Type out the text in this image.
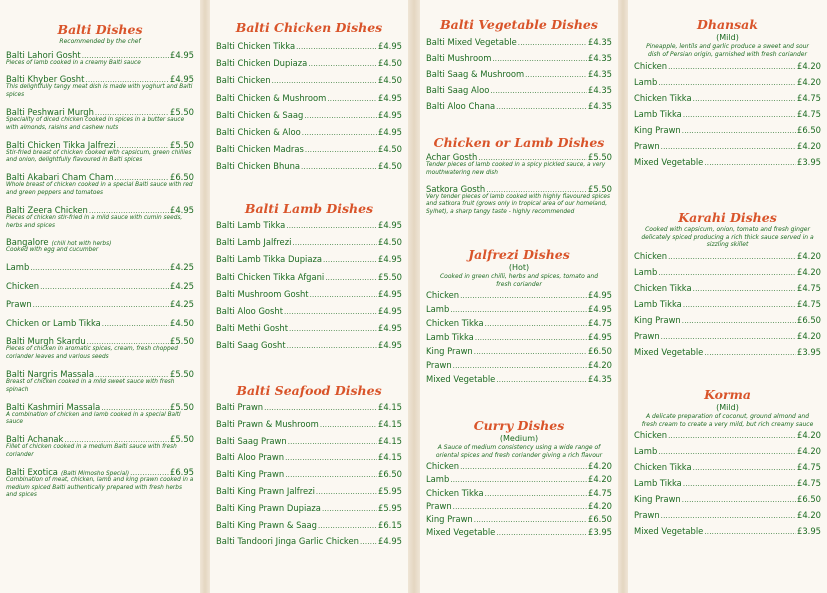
Balti Dishes

Recommended by the chef

Balti Lahori Gosht . . .	£4.95

Pieces of lamb cooked in a creamy Balti sauce

Balti Khyber Gosht . . .	£4.95

This delightfully tangy meat dish is made with yoghurt and Balti spices

Balti Peshwari Murgh . . .	£5.50

Speciality of diced chicken cooked in spices in a butter sauce with almonds, raisins and cashew nuts

Balti Chicken Tikka Jalfrezi . . .	£5.50

Stir-fried breast of chicken cooked with capsicum, green chillies and onion, delightfully flavoured in Balti spices

Balti Akabari Cham Cham . . .	£6.50

Whole breast of chicken cooked in a special Balti sauce with red and green peppers and tomatoes

Balti Zeera Chicken . . .	£4.95

Pieces of chicken stir-fried in a mild sauce with cumin seeds, herbs and spices

Bangalore (chili hot with herbs)

Cooked with egg and cucumber

Lamb . . .	£4.25
Chicken . . .	£4.25
Prawn . . .	£4.25
Chicken or Lamb Tikka . . .	£4.50
Balti Murgh Skardu . . .	£5.50

Pieces of chicken in aromatic spices, cream, fresh chopped coriander leaves and various seeds

Balti Nargris Massala . . .	£5.50

Breast of chicken cooked in a mild sweet sauce with fresh spinach

Balti Kashmiri Massala . . .	£5.50

A combination of chicken and lamb cooked in a special Balti sauce

Balti Achanak . . .	£5.50

Fillet of chicken cooked in a medium Balti sauce with fresh coriander

Balti Exotica (Balti Mimosho Special) . . .	£6.95

Combination of meat, chicken, lamb and king prawn cooked in a medium spiced Balti authentically prepared with fresh herbs and spices

Balti Chicken Dishes
Balti Chicken Tikka . . .	£4.95
Balti Chicken Dupiaza . . .	£4.50
Balti Chicken . . .	£4.50
Balti Chicken & Mushroom . . .	£4.95
Balti Chicken & Saag . . .	£4.95
Balti Chicken & Aloo . . .	£4.95
Balti Chicken Madras . . .	£4.50
Balti Chicken Bhuna . . .	£4.50
Balti Lamb Dishes
Balti Lamb Tikka . . .	£4.95
Balti Lamb Jalfrezi . . .	£4.50
Balti Lamb Tikka Dupiaza . . .	£4.95
Balti Chicken Tikka Afgani . . .	£5.50
Balti Mushroom Gosht . . .	£4.95
Balti Aloo Gosht . . .	£4.95
Balti Methi Gosht . . .	£4.95
Balti Saag Gosht . . .	£4.95
Balti Seafood Dishes
Balti Prawn . . .	£4.15
Balti Prawn & Mushroom . . .	£4.15
Balti Saag Prawn . . .	£4.15
Balti Aloo Prawn . . .	£4.15
Balti King Prawn . . .	£6.50
Balti King Prawn Jalfrezi . . .	£5.95
Balti King Prawn Dupiaza . . .	£5.95
Balti King Prawn & Saag . . .	£6.15
Balti Tandoori Jinga Garlic Chicken . . . £4.95
Balti Vegetable Dishes
Balti Mixed Vegetable . . .	£4.35
Balti Mushroom . . .	£4.35
Balti Saag & Mushroom . . .	£4.35
Balti Saag Aloo . . .	£4.35
Balti Aloo Chana . . .	£4.35
Chicken or Lamb Dishes
Achar Gosth . . .	£5.50

Tender pieces of lamb cooked in a spicy pickled sauce, a very mouthwatering new dish

Satkora Gosth . . .	£5.50

Very tender pieces of lamb cooked with highly flavoured spices and satkora fruit (grows only in tropical area of our homeland, Sylhet), a sharp tangy taste - highly recommended

Jalfrezi Dishes

(Hot)

Cooked in green chilli, herbs and spices, tomato and fresh coriander

Chicken . . .	£4.95
Lamb . . .	£4.95
Chicken Tikka . . .	£4.75
Lamb Tikka . . .	£4.95
King Prawn . . .	£6.50
Prawn . . .	£4.20
Mixed Vegetable . . .	£4.35
Curry Dishes

(Medium)

A Sauce of medium consistency using a wide range of oriental spices and fresh coriander giving a rich flavour

Chicken . . .	£4.20
Lamb . . .	£4.20
Chicken Tikka . . .	£4.75
Prawn . . .	£4.20
King Prawn . . .	£6.50
Mixed Vegetable . . .	£3.95
Dhansak

(Mild)

Pineapple, lentils and garlic produce a sweet and sour dish of Persian origin, garnished with fresh coriander

Chicken . . .	£4.20
Lamb . . .	£4.20
Chicken Tikka . . .	£4.75
Lamb Tikka . . .	£4.75
King Prawn . . .	£6.50
Prawn . . .	£4.20
Mixed Vegetable . . .	£3.95
Karahi Dishes

Cooked with capsicum, onion, tomato and fresh ginger delicately spiced producing a rich thick sauce served in a sizzling skillet

Chicken . . .	£4.20
Lamb . . .	£4.20
Chicken Tikka . . .	£4.75
Lamb Tikka . . .	£4.75
King Prawn . . .	£6.50
Prawn . . .	£4.20
Mixed Vegetable . . .	£3.95
Korma

(Mild)

A delicate preparation of coconut, ground almond and fresh cream to create a very mild, but rich creamy sauce

Chicken . . .	£4.20
Lamb . . .	£4.20
Chicken Tikka . . .	£4.75
Lamb Tikka . . .	£4.75
King Prawn . . .	£6.50
Prawn . . .	£4.20
Mixed Vegetable . . .	£3.95
